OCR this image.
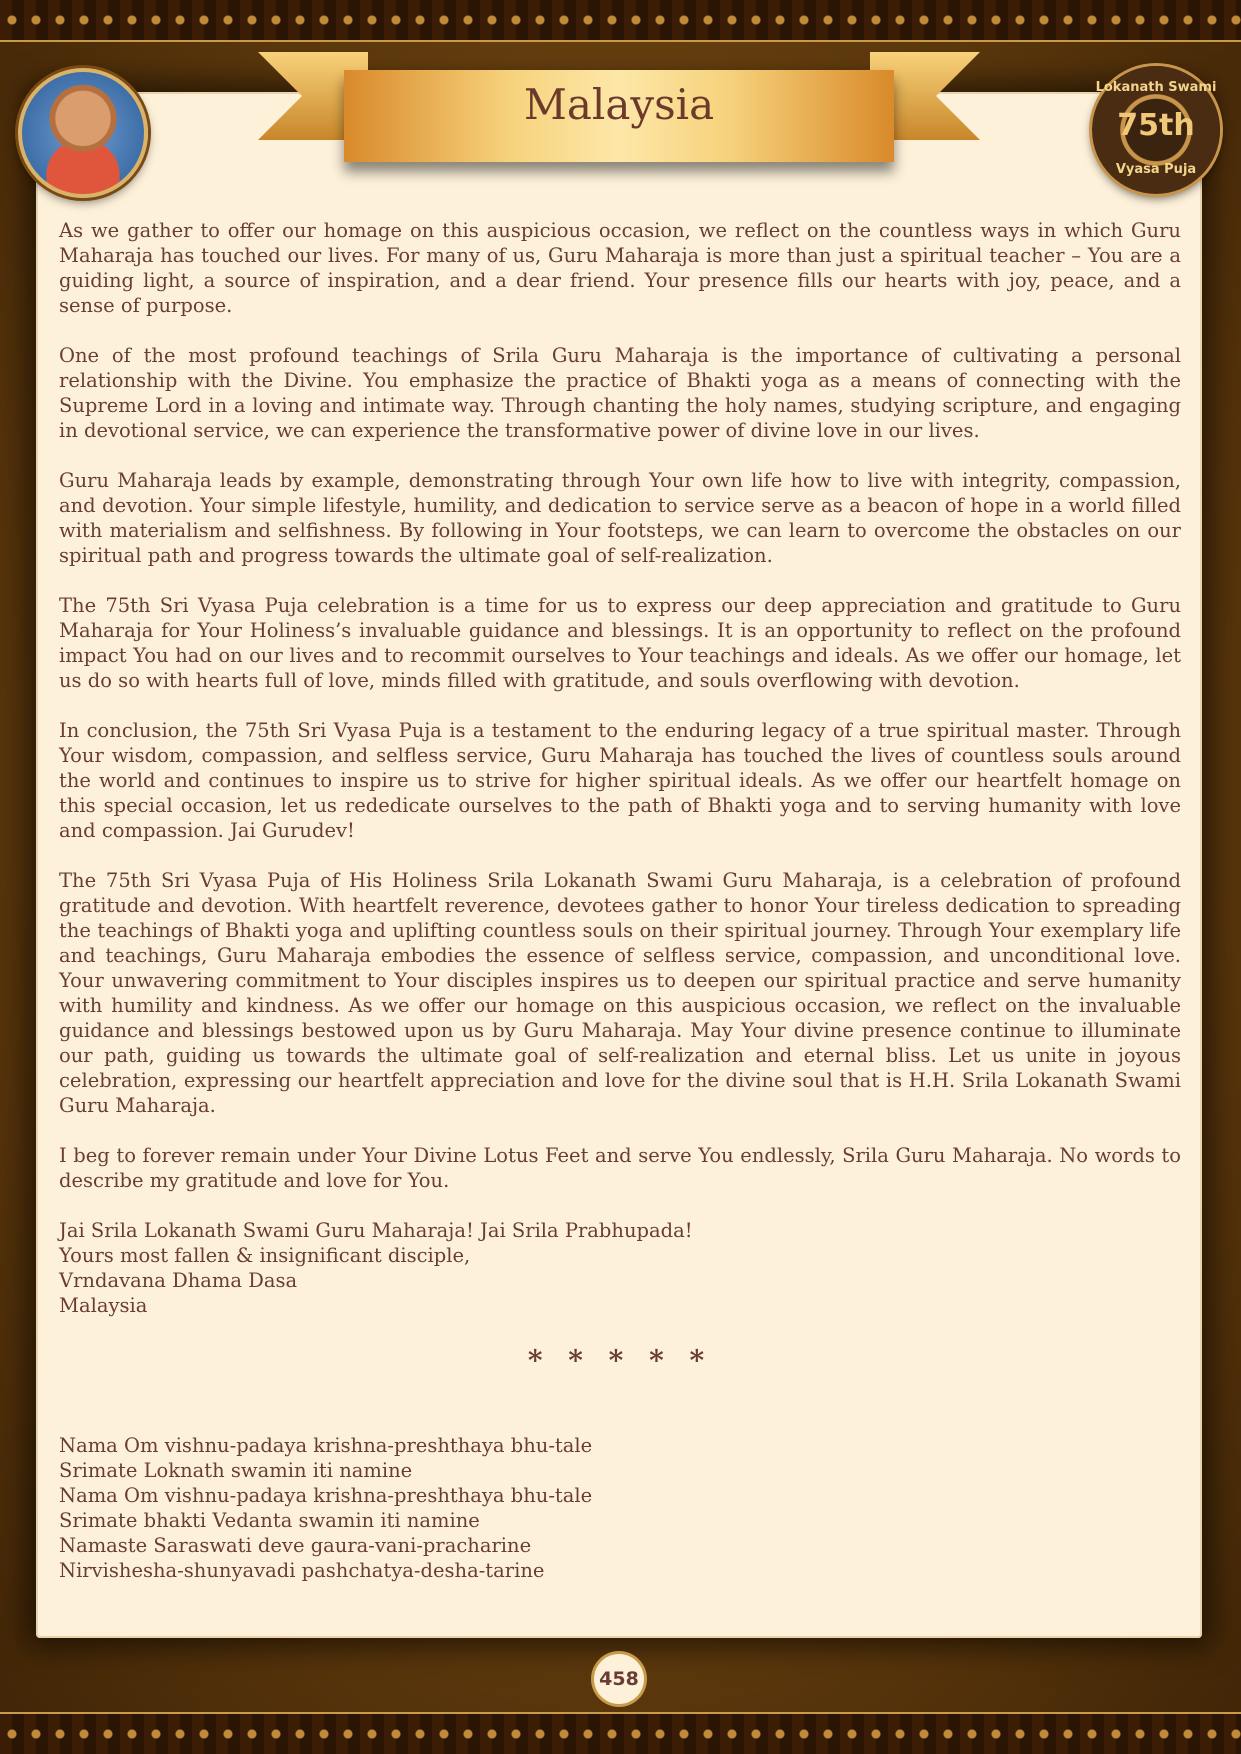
Lokanath Swami
75th
Vyasa Puja
Malaysia

As we gather to offer our homage on this auspicious occasion, we reflect on the countless ways in which Guru Maharaja has touched our lives. For many of us, Guru Maharaja is more than just a spiritual teacher – You are a guiding light, a source of inspiration, and a dear friend. Your presence fills our hearts with joy, peace, and a sense of purpose.

One of the most profound teachings of Srila Guru Maharaja is the importance of cultivating a personal relationship with the Divine. You emphasize the practice of Bhakti yoga as a means of connecting with the Supreme Lord in a loving and intimate way. Through chanting the holy names, studying scripture, and engaging in devotional service, we can experience the transformative power of divine love in our lives.

Guru Maharaja leads by example, demonstrating through Your own life how to live with integrity, compassion, and devotion. Your simple lifestyle, humility, and dedication to service serve as a beacon of hope in a world filled with materialism and selfishness. By following in Your footsteps, we can learn to overcome the obstacles on our spiritual path and progress towards the ultimate goal of self-realization.

The 75th Sri Vyasa Puja celebration is a time for us to express our deep appreciation and gratitude to Guru Maharaja for Your Holiness’s invaluable guidance and blessings. It is an opportunity to reflect on the profound impact You had on our lives and to recommit ourselves to Your teachings and ideals. As we offer our homage, let us do so with hearts full of love, minds filled with gratitude, and souls overflowing with devotion.

In conclusion, the 75th Sri Vyasa Puja is a testament to the enduring legacy of a true spiritual master. Through Your wisdom, compassion, and selfless service, Guru Maharaja has touched the lives of countless souls around the world and continues to inspire us to strive for higher spiritual ideals. As we offer our heartfelt homage on this special occasion, let us rededicate ourselves to the path of Bhakti yoga and to serving humanity with love and compassion. Jai Gurudev!

The 75th Sri Vyasa Puja of His Holiness Srila Lokanath Swami Guru Maharaja, is a celebration of profound gratitude and devotion. With heartfelt reverence, devotees gather to honor Your tireless dedication to spreading the teachings of Bhakti yoga and uplifting countless souls on their spiritual journey. Through Your exemplary life and teachings, Guru Maharaja embodies the essence of selfless service, compassion, and unconditional love. Your unwavering commitment to Your disciples inspires us to deepen our spiritual practice and serve humanity with humility and kindness. As we offer our homage on this auspicious occasion, we reflect on the invaluable guidance and blessings bestowed upon us by Guru Maharaja. May Your divine presence continue to illuminate our path, guiding us towards the ultimate goal of self-realization and eternal bliss. Let us unite in joyous celebration, expressing our heartfelt appreciation and love for the divine soul that is H.H. Srila Lokanath Swami Guru Maharaja.

I beg to forever remain under Your Divine Lotus Feet and serve You endlessly, Srila Guru Maharaja. No words to describe my gratitude and love for You.

Jai Srila Lokanath Swami Guru Maharaja! Jai Srila Prabhupada!

Yours most fallen & insignificant disciple,

Vrndavana Dhama Dasa

Malaysia

* * * * *

Nama Om vishnu-padaya krishna-preshthaya bhu-tale

Srimate Loknath swamin iti namine

Nama Om vishnu-padaya krishna-preshthaya bhu-tale

Srimate bhakti Vedanta swamin iti namine

Namaste Saraswati deve gaura-vani-pracharine

Nirvishesha-shunyavadi pashchatya-desha-tarine

458
